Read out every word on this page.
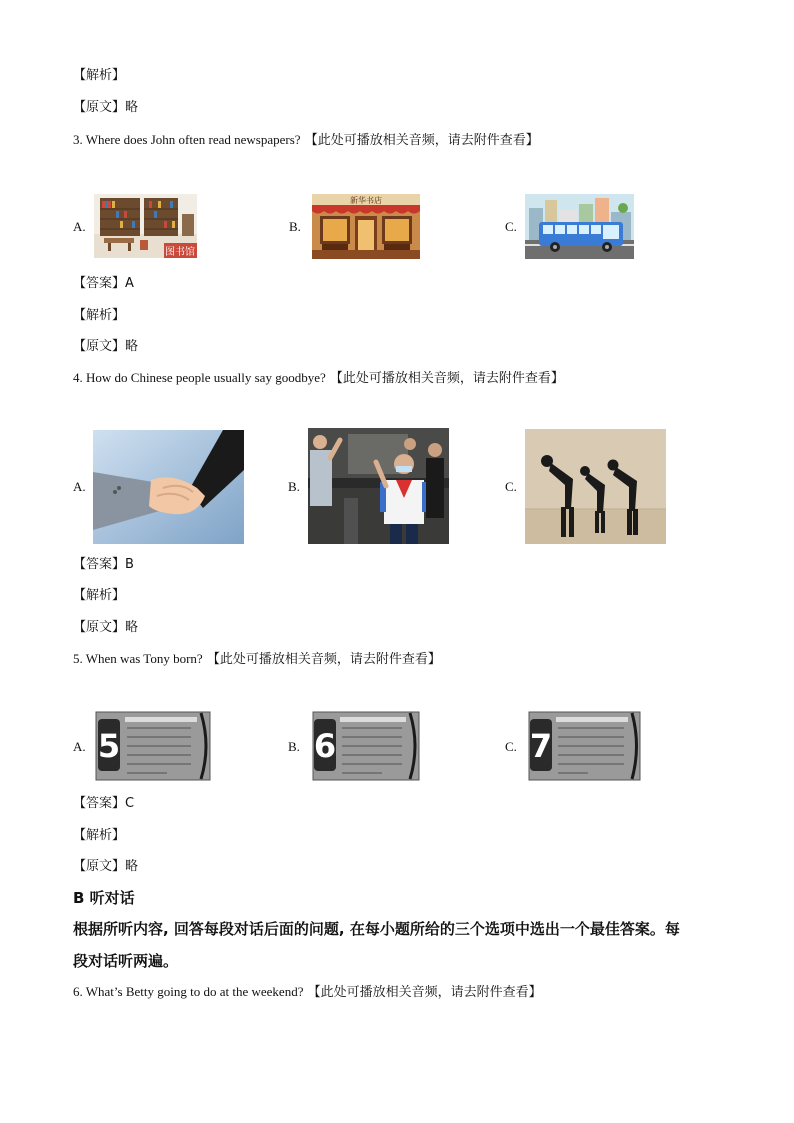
【解析】
【原文】略
3. Where does John often read newspapers? 【此处可播放相关音频，请去附件查看】
A.
图书馆
B.
新华书店
C.
【答案】A
【解析】
【原文】略
4. How do Chinese people usually say goodbye? 【此处可播放相关音频，请去附件查看】
A.	B.	C.
【答案】B
【解析】
【原文】略
5. When was Tony born? 【此处可播放相关音频，请去附件查看】
A. 5	B. 6	C. 7
【答案】C
【解析】
【原文】略
B 听对话
根据所听内容, 回答每段对话后面的问题, 在每小题所给的三个选项中选出一个最佳答案。每
段对话听两遍。
6. What’s Betty going to do at the weekend? 【此处可播放相关音频，请去附件查看】
